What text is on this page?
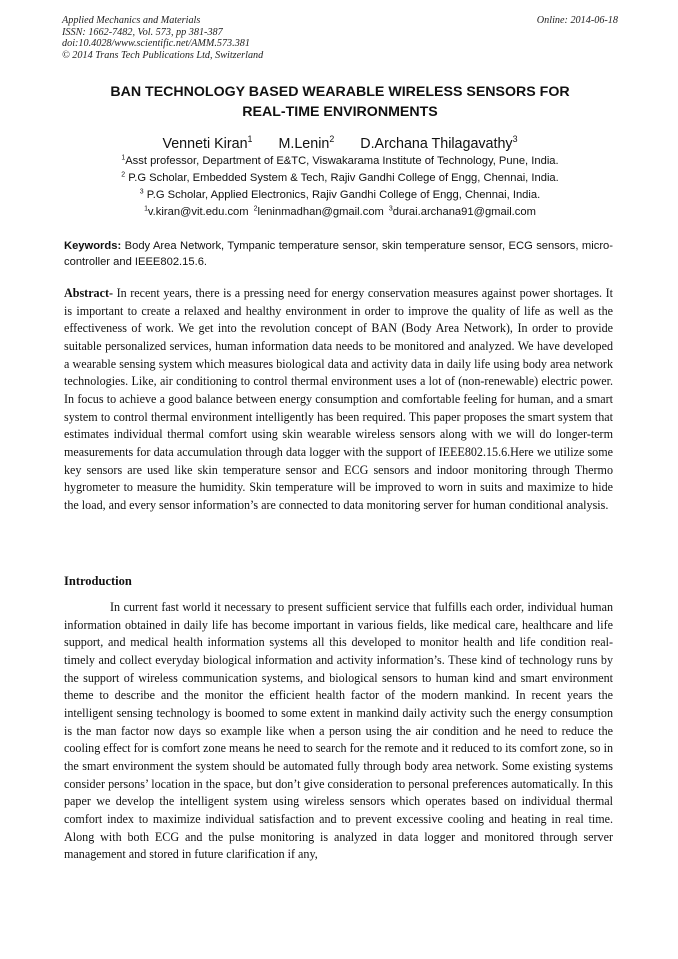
Applied Mechanics and Materials
ISSN: 1662-7482, Vol. 573, pp 381-387
doi:10.4028/www.scientific.net/AMM.573.381
© 2014 Trans Tech Publications Ltd, Switzerland
Online: 2014-06-18
BAN TECHNOLOGY BASED WEARABLE WIRELESS SENSORS FOR
REAL-TIME ENVIRONMENTS
Venneti Kiran$^1$ M.Lenin$^2$ D.Archana Thilagavathy$^3$
$^1$Asst professor, Department of E&TC, Viswakarama Institute of Technology, Pune, India.
$^2$ P.G Scholar, Embedded System & Tech, Rajiv Gandhi College of Engg, Chennai, India.
$^3$ P.G Scholar, Applied Electronics, Rajiv Gandhi College of Engg, Chennai, India.
$^1$v.kiran@vit.edu.com $^2$leninmadhan@gmail.com $^3$durai.archana91@gmail.com
Keywords: Body Area Network, Tympanic temperature sensor, skin temperature sensor, ECG sensors, micro-controller and IEEE802.15.6.
Abstract- In recent years, there is a pressing need for energy conservation measures against power shortages. It is important to create a relaxed and healthy environment in order to improve the quality of life as well as the effectiveness of work. We get into the revolution concept of BAN (Body Area Network), In order to provide suitable personalized services, human information data needs to be monitored and analyzed. We have developed a wearable sensing system which measures biological data and activity data in daily life using body area network technologies. Like, air conditioning to control thermal environment uses a lot of (non-renewable) electric power. In focus to achieve a good balance between energy consumption and comfortable feeling for human, and a smart system to control thermal environment intelligently has been required. This paper proposes the smart system that estimates individual thermal comfort using skin wearable wireless sensors along with we will do longer-term measurements for data accumulation through data logger with the support of IEEE802.15.6.Here we utilize some key sensors are used like skin temperature sensor and ECG sensors and indoor monitoring through Thermo hygrometer to measure the humidity. Skin temperature will be improved to worn in suits and maximize to hide the load, and every sensor information’s are connected to data monitoring server for human conditional analysis.
Introduction
In current fast world it necessary to present sufficient service that fulfills each order, individual human information obtained in daily life has become important in various fields, like medical care, healthcare and life support, and medical health information systems all this developed to monitor health and life condition real-timely and collect everyday biological information and activity information’s. These kind of technology runs by the support of wireless communication systems, and biological sensors to human kind and smart environment theme to describe and the monitor the efficient health factor of the modern mankind. In recent years the intelligent sensing technology is boomed to some extent in mankind daily activity such the energy consumption is the man factor now days so example like when a person using the air condition and he need to reduce the cooling effect for is comfort zone means he need to search for the remote and it reduced to its comfort zone, so in the smart environment the system should be automated fully through body area network. Some existing systems consider persons’ location in the space, but don’t give consideration to personal preferences automatically. In this paper we develop the intelligent system using wireless sensors which operates based on individual thermal comfort index to maximize individual satisfaction and to prevent excessive cooling and heating in real time. Along with both ECG and the pulse monitoring is analyzed in data logger and monitored through server management and stored in future clarification if any,
